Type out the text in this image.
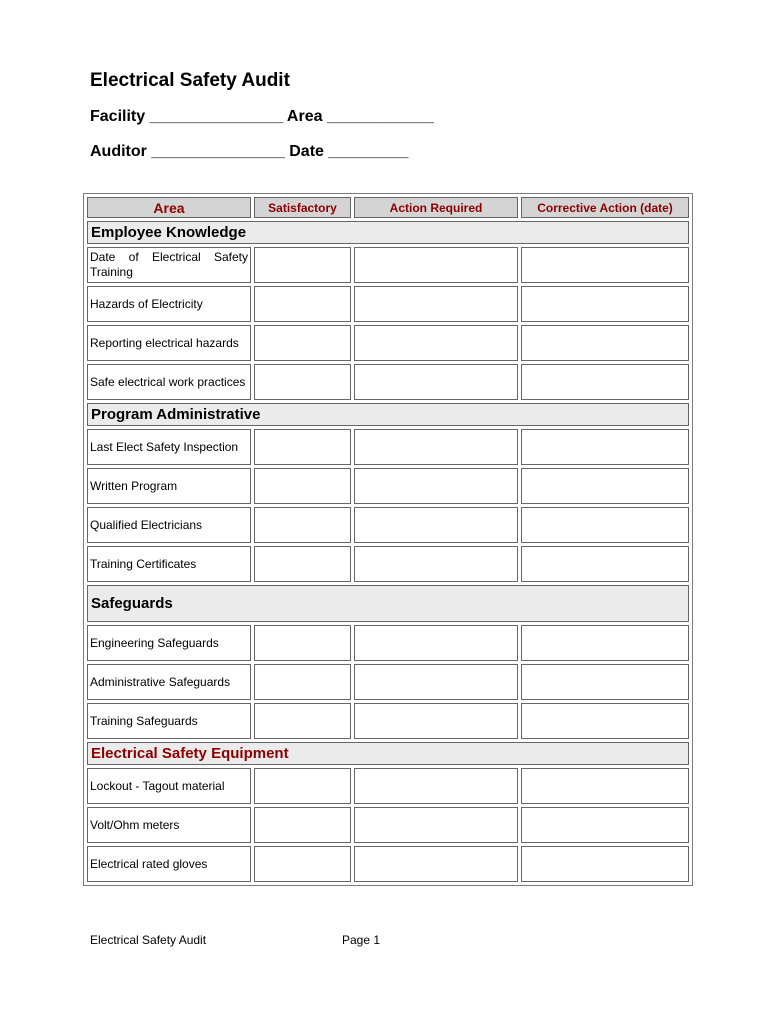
Electrical Safety Audit
Facility _______________ Area ____________
Auditor _______________ Date _________
Area	Satisfactory	Action Required	Corrective Action (date)
Employee Knowledge			
Date of Electrical Safety Training			
Hazards of Electricity			
Reporting electrical hazards			
Safe electrical work practices			
Program Administrative			
Last Elect Safety Inspection			
Written Program			
Qualified Electricians			
Training Certificates			
Safeguards			
Engineering Safeguards			
Administrative Safeguards			
Training Safeguards			
Electrical Safety Equipment			
Lockout - Tagout material			
Volt/Ohm meters			
Electrical rated gloves			
Electrical Safety Audit	Page 1
